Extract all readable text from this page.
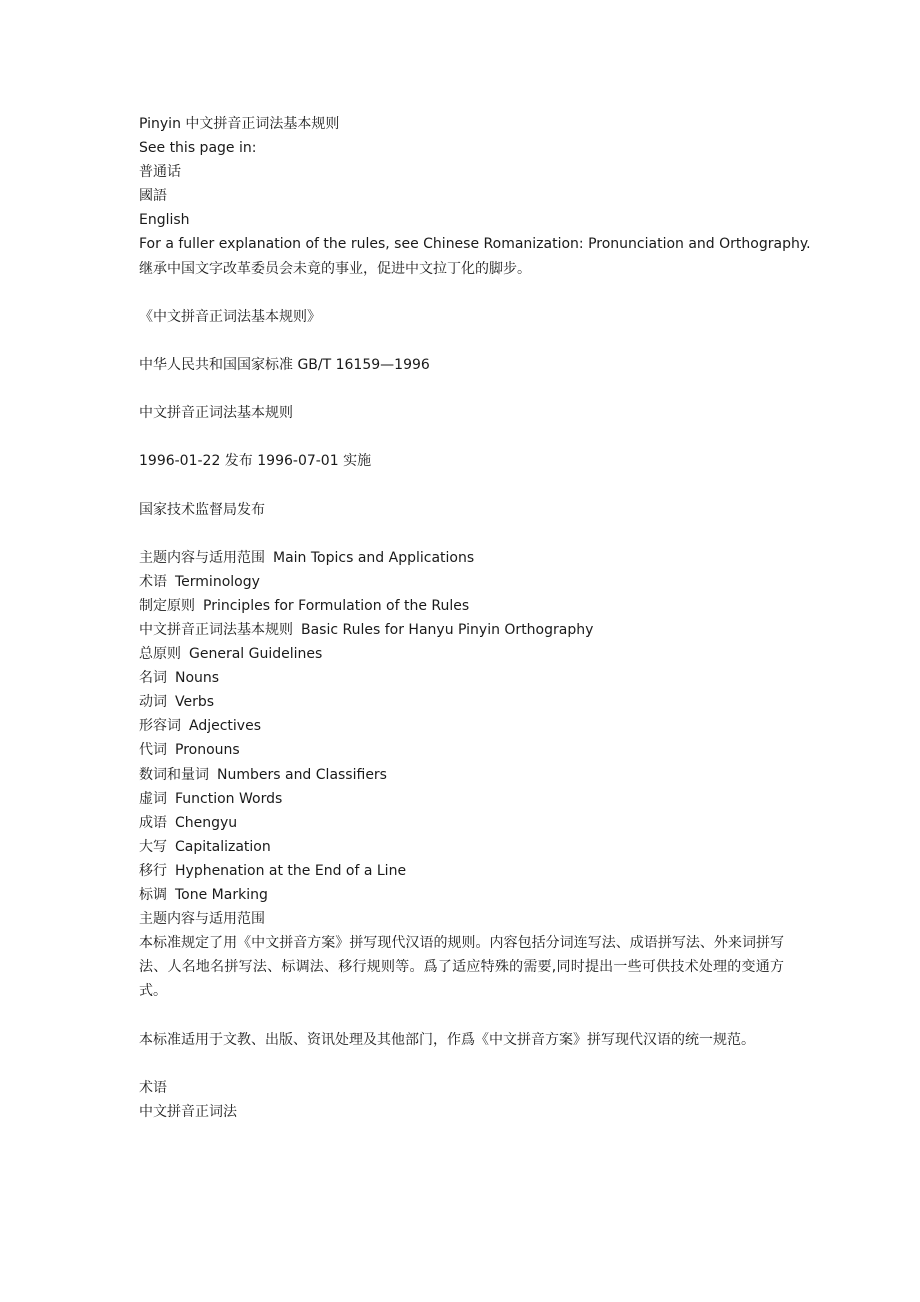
Pinyin 中文拼音正词法基本规则
See this page in:
普通话
國語
English
For a fuller explanation of the rules, see Chinese Romanization: Pronunciation and Orthography.
继承中国文字改革委员会未竟的事业，促进中文拉丁化的脚步。
《中文拼音正词法基本规则》
中华人民共和国国家标准 GB/T 16159—1996
中文拼音正词法基本规则
1996-01-22 发布 1996-07-01 实施
国家技术监督局发布
主题内容与适用范围 Main Topics and Applications
术语 Terminology
制定原则 Principles for Formulation of the Rules
中文拼音正词法基本规则 Basic Rules for Hanyu Pinyin Orthography
总原则 General Guidelines
名词 Nouns
动词 Verbs
形容词 Adjectives
代词 Pronouns
数词和量词 Numbers and Classifiers
虚词 Function Words
成语 Chengyu
大写 Capitalization
移行 Hyphenation at the End of a Line
标调 Tone Marking
主题内容与适用范围
本标准规定了用《中文拼音方案》拼写现代汉语的规则。内容包括分词连写法、成语拼写法、外来词拼写法、人名地名拼写法、标调法、移行规则等。爲了适应特殊的需要,同时提出一些可供技术处理的变通方式。
本标准适用于文教、出版、资讯处理及其他部门，作爲《中文拼音方案》拼写现代汉语的统一规范。
术语
中文拼音正词法
